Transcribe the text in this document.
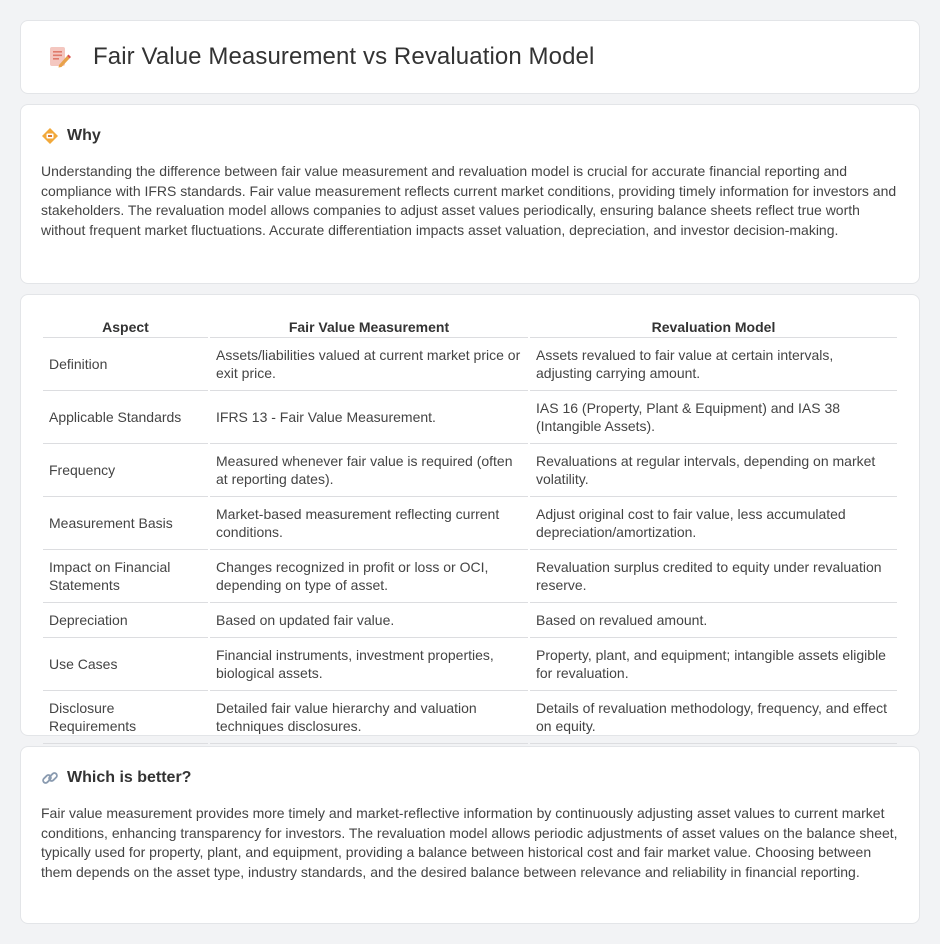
Fair Value Measurement vs Revaluation Model
Why

Understanding the difference between fair value measurement and revaluation model is crucial for accurate financial reporting and compliance with IFRS standards. Fair value measurement reflects current market conditions, providing timely information for investors and stakeholders. The revaluation model allows companies to adjust asset values periodically, ensuring balance sheets reflect true worth without frequent market fluctuations. Accurate differentiation impacts asset valuation, depreciation, and investor decision-making.

Aspect	Fair Value Measurement	Revaluation Model
Definition	Assets/liabilities valued at current market price or exit price.	Assets revalued to fair value at certain intervals, adjusting carrying amount.
Applicable Standards	IFRS 13 - Fair Value Measurement.	IAS 16 (Property, Plant & Equipment) and IAS 38 (Intangible Assets).
Frequency	Measured whenever fair value is required (often at reporting dates).	Revaluations at regular intervals, depending on market volatility.
Measurement Basis	Market-based measurement reflecting current conditions.	Adjust original cost to fair value, less accumulated depreciation/amortization.
Impact on Financial Statements	Changes recognized in profit or loss or OCI, depending on type of asset.	Revaluation surplus credited to equity under revaluation reserve.
Depreciation	Based on updated fair value.	Based on revalued amount.
Use Cases	Financial instruments, investment properties, biological assets.	Property, plant, and equipment; intangible assets eligible for revaluation.
Disclosure Requirements	Detailed fair value hierarchy and valuation techniques disclosures.	Details of revaluation methodology, frequency, and effect on equity.
Which is better?

Fair value measurement provides more timely and market-reflective information by continuously adjusting asset values to current market conditions, enhancing transparency for investors. The revaluation model allows periodic adjustments of asset values on the balance sheet, typically used for property, plant, and equipment, providing a balance between historical cost and fair market value. Choosing between them depends on the asset type, industry standards, and the desired balance between relevance and reliability in financial reporting.
